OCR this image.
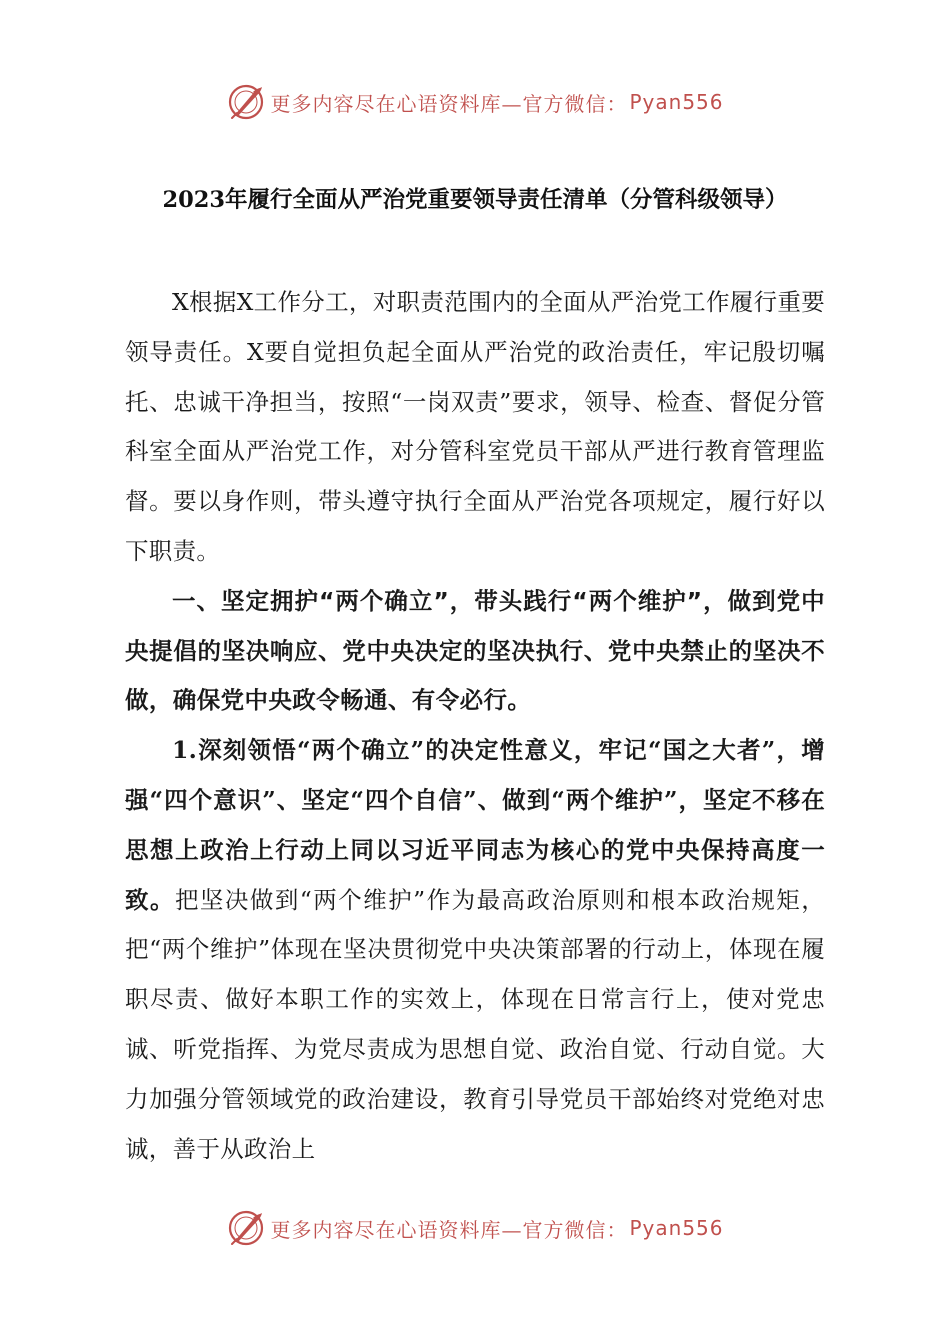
更多内容尽在心语资料库—官方微信： Pyan556
2023年履行全面从严治党重要领导责任清单（分管科级领导）

X根据X工作分工，对职责范围内的全面从严治党工作履行重要领导责任。X要自觉担负起全面从严治党的政治责任，牢记殷切嘱托、忠诚干净担当，按照“一岗双责”要求，领导、检查、督促分管科室全面从严治党工作，对分管科室党员干部从严进行教育管理监督。要以身作则，带头遵守执行全面从严治党各项规定，履行好以下职责。

一、坚定拥护“两个确立”，带头践行“两个维护”，做到党中央提倡的坚决响应、党中央决定的坚决执行、党中央禁止的坚决不做，确保党中央政令畅通、有令必行。

1.深刻领悟“两个确立”的决定性意义，牢记“国之大者”，增强“四个意识”、坚定“四个自信”、做到“两个维护”，坚定不移在思想上政治上行动上同以习近平同志为核心的党中央保持高度一致。把坚决做到“两个维护”作为最高政治原则和根本政治规矩，把“两个维护”体现在坚决贯彻党中央决策部署的行动上，体现在履职尽责、做好本职工作的实效上，体现在日常言行上，使对党忠诚、听党指挥、为党尽责成为思想自觉、政治自觉、行动自觉。大力加强分管领域党的政治建设，教育引导党员干部始终对党绝对忠诚，善于从政治上

更多内容尽在心语资料库—官方微信： Pyan556
